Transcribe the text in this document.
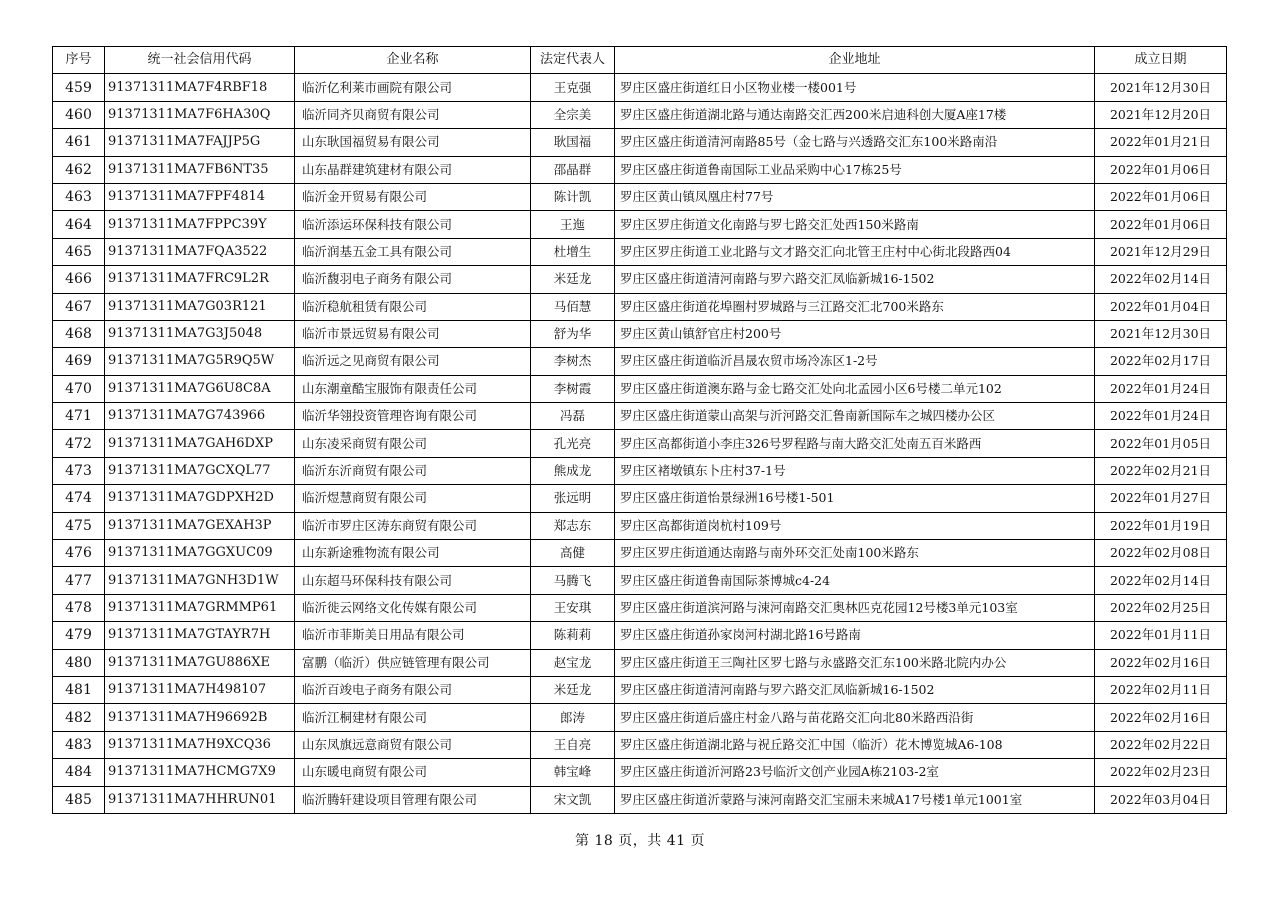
序号	统一社会信用代码	企业名称	法定代表人	企业地址	成立日期
459	91371311MA7F4RBF18	临沂亿利莱巿画院有限公司	王克强	罗庄区盛庄街道红日小区物业楼一楼001号	2021年12月30日
460	91371311MA7F6HA30Q	临沂同齐贝商贸有限公司	全宗美	罗庄区盛庄街道湖北路与通达南路交汇西200米启迪科创大厦A座17楼	2021年12月20日
461	91371311MA7FAJJP5G	山东耿国福贸易有限公司	耿国福	罗庄区盛庄街道清河南路85号（金七路与兴透路交汇东100米路南沿	2022年01月21日
462	91371311MA7FB6NT35	山东晶群建筑建材有限公司	邵晶群	罗庄区盛庄街道鲁南国际工业品采购中心17栋25号	2022年01月06日
463	91371311MA7FPF4814	临沂金开贸易有限公司	陈计凯	罗庄区黄山镇凤凰庄村77号	2022年01月06日
464	91371311MA7FPPC39Y	临沂添运环保科技有限公司	王迤	罗庄区罗庄街道文化南路与罗七路交汇处西150米路南	2022年01月06日
465	91371311MA7FQA3522	临沂润基五金工具有限公司	杜增生	罗庄区罗庄街道工业北路与文才路交汇向北管王庄村中心街北段路西04	2021年12月29日
466	91371311MA7FRC9L2R	临沂馥羽电子商务有限公司	米廷龙	罗庄区盛庄街道清河南路与罗六路交汇凤临新城16-1502	2022年02月14日
467	91371311MA7G03R121	临沂稳航租赁有限公司	马佰慧	罗庄区盛庄街道花埠圈村罗城路与三江路交汇北700米路东	2022年01月04日
468	91371311MA7G3J5048	临沂市景远贸易有限公司	舒为华	罗庄区黄山镇舒官庄村200号	2021年12月30日
469	91371311MA7G5R9Q5W	临沂远之见商贸有限公司	李树杰	罗庄区盛庄街道临沂昌晟农贸市场冷冻区1-2号	2022年02月17日
470	91371311MA7G6U8C8A	山东潮童酷宝服饰有限责任公司	李树霞	罗庄区盛庄街道澳东路与金七路交汇处向北孟园小区6号楼二单元102	2022年01月24日
471	91371311MA7G743966	临沂华翎投资管理咨询有限公司	冯磊	罗庄区盛庄街道蒙山高架与沂河路交汇鲁南新国际车之城四楼办公区	2022年01月24日
472	91371311MA7GAH6DXP	山东凌采商贸有限公司	孔光亮	罗庄区高都街道小李庄326号罗程路与南大路交汇处南五百米路西	2022年01月05日
473	91371311MA7GCXQL77	临沂东沂商贸有限公司	熊成龙	罗庄区褚墩镇东卜庄村37-1号	2022年02月21日
474	91371311MA7GDPXH2D	临沂煜慧商贸有限公司	张远明	罗庄区盛庄街道怡景绿洲16号楼1-501	2022年01月27日
475	91371311MA7GEXAH3P	临沂市罗庄区涛东商贸有限公司	郑志东	罗庄区高都街道岗杭村109号	2022年01月19日
476	91371311MA7GGXUC09	山东新途雅物流有限公司	高健	罗庄区罗庄街道通达南路与南外环交汇处南100米路东	2022年02月08日
477	91371311MA7GNH3D1W	山东超马环保科技有限公司	马腾飞	罗庄区盛庄街道鲁南国际茶博城c4-24	2022年02月14日
478	91371311MA7GRMMP61	临沂徙云网络文化传媒有限公司	王安琪	罗庄区盛庄街道滨河路与涑河南路交汇奥林匹克花园12号楼3单元103室	2022年02月25日
479	91371311MA7GTAYR7H	临沂市菲斯美日用品有限公司	陈莉莉	罗庄区盛庄街道孙家岗河村湖北路16号路南	2022年01月11日
480	91371311MA7GU886XE	富鹏（临沂）供应链管理有限公司	赵宝龙	罗庄区盛庄街道王三陶社区罗七路与永盛路交汇东100米路北院内办公	2022年02月16日
481	91371311MA7H498107	临沂百竣电子商务有限公司	米廷龙	罗庄区盛庄街道清河南路与罗六路交汇凤临新城16-1502	2022年02月11日
482	91371311MA7H96692B	临沂江桐建材有限公司	郎涛	罗庄区盛庄街道后盛庄村金八路与苗花路交汇向北80米路西沿街	2022年02月16日
483	91371311MA7H9XCQ36	山东凤旗远意商贸有限公司	王自亮	罗庄区盛庄街道湖北路与祝丘路交汇中国（临沂）花木博览城A6-108	2022年02月22日
484	91371311MA7HCMG7X9	山东暖电商贸有限公司	韩宝峰	罗庄区盛庄街道沂河路23号临沂文创产业园A栋2103-2室	2022年02月23日
485	91371311MA7HHRUN01	临沂腾轩建设项目管理有限公司	宋文凯	罗庄区盛庄街道沂蒙路与涑河南路交汇宝丽未来城A17号楼1单元1001室	2022年03月04日
第 18 页，共 41 页
